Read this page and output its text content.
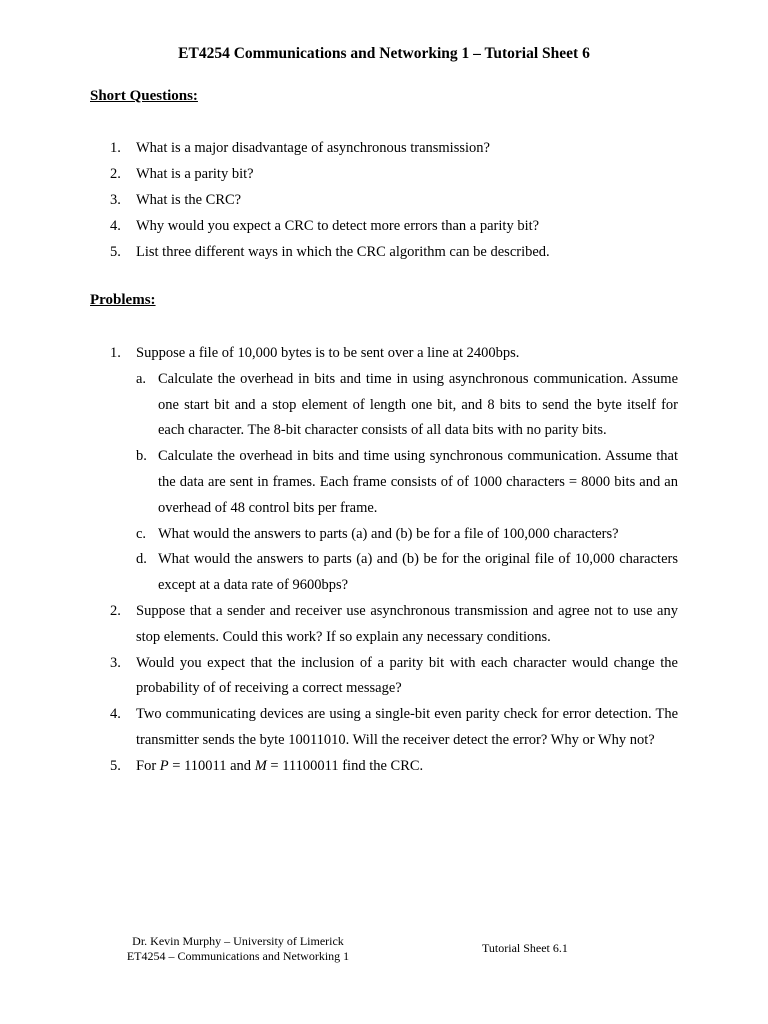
ET4254 Communications and Networking 1 – Tutorial Sheet 6
Short Questions:
1.	What is a major disadvantage of asynchronous transmission?
2.	What is a parity bit?
3.	What is the CRC?
4.	Why would you expect a CRC to detect more errors than a parity bit?
5.	List three different ways in which the CRC algorithm can be described.
Problems:
1.	Suppose a file of 10,000 bytes is to be sent over a line at 2400bps.
a. Calculate the overhead in bits and time in using asynchronous communication. Assume one start bit and a stop element of length one bit, and 8 bits to send the byte itself for each character. The 8-bit character consists of all data bits with no parity bits.
b. Calculate the overhead in bits and time using synchronous communication. Assume that the data are sent in frames. Each frame consists of of 1000 characters = 8000 bits and an overhead of 48 control bits per frame.
c. What would the answers to parts (a) and (b) be for a file of 100,000 characters?
d. What would the answers to parts (a) and (b) be for the original file of 10,000 characters except at a data rate of 9600bps?
2.	Suppose that a sender and receiver use asynchronous transmission and agree not to use any stop elements. Could this work? If so explain any necessary conditions.
3.	Would you expect that the inclusion of a parity bit with each character would change the probability of of receiving a correct message?
4.	Two communicating devices are using a single-bit even parity check for error detection. The transmitter sends the byte 10011010. Will the receiver detect the error? Why or Why not?
5.	For P = 110011 and M = 11100011 find the CRC.
Dr. Kevin Murphy – University of Limerick
ET4254 – Communications and Networking 1
Tutorial Sheet 6.1
